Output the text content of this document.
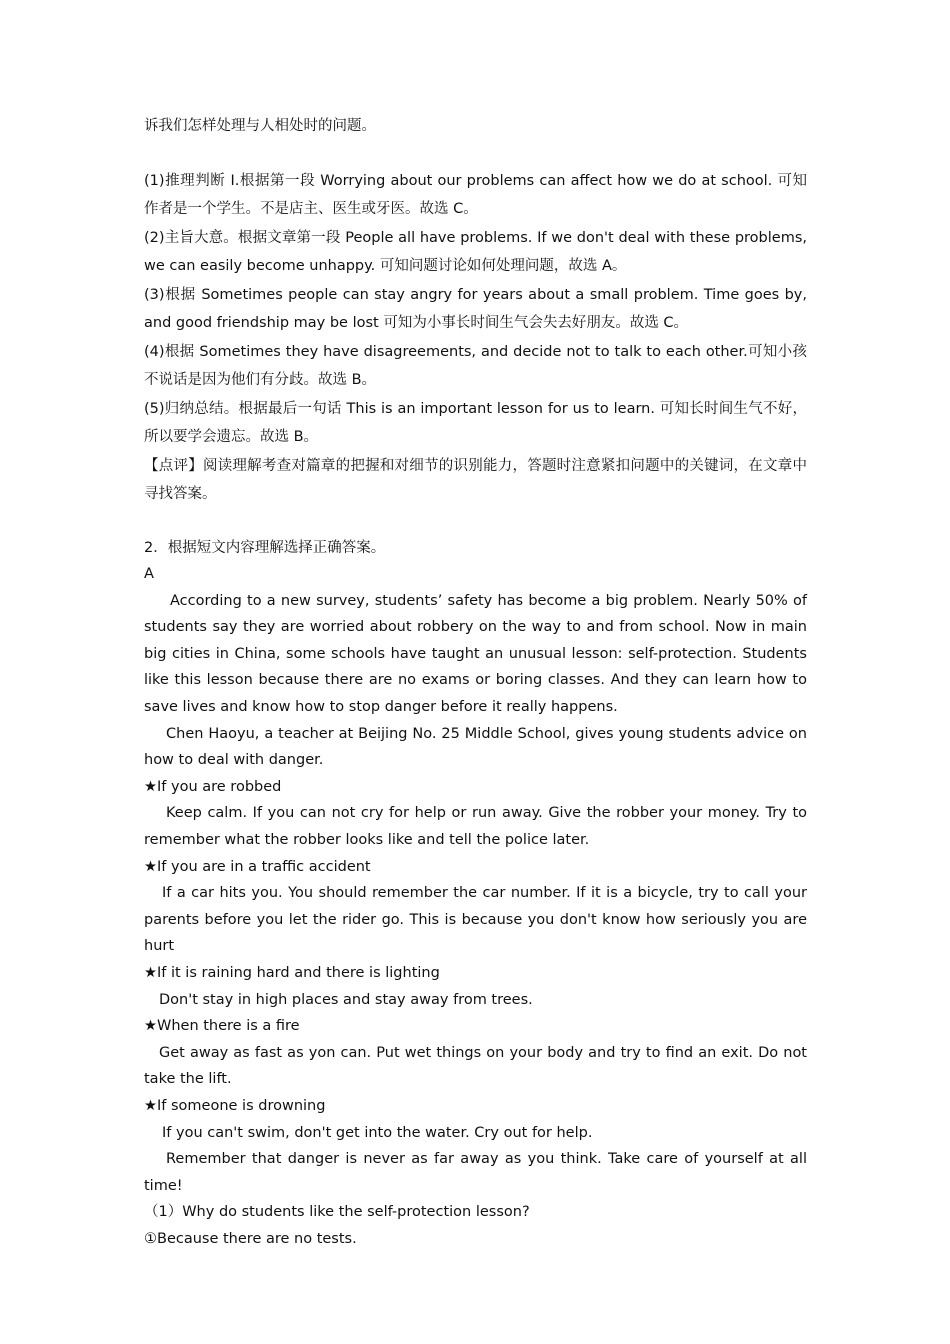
诉我们怎样处理与人相处时的问题。

(1)推理判断 I.根据第一段 Worrying about our problems can affect how we do at school. 可知作者是一个学生。不是店主、医生或牙医。故选 C。

(2)主旨大意。根据文章第一段 People all have problems. If we don't deal with these problems, we can easily become unhappy. 可知问题讨论如何处理问题，故选 A。

(3)根据 Sometimes people can stay angry for years about a small problem. Time goes by, and good friendship may be lost 可知为小事长时间生气会失去好朋友。故选 C。

(4)根据 Sometimes they have disagreements, and decide not to talk to each other.可知小孩不说话是因为他们有分歧。故选 B。

(5)归纳总结。根据最后一句话 This is an important lesson for us to learn. 可知长时间生气不好，所以要学会遗忘。故选 B。

【点评】阅读理解考查对篇章的把握和对细节的识别能力，答题时注意紧扣问题中的关键词，在文章中寻找答案。

2．根据短文内容理解选择正确答案。

A

According to a new survey, students’ safety has become a big problem. Nearly 50% of students say they are worried about robbery on the way to and from school. Now in main big cities in China, some schools have taught an unusual lesson: self-protection. Students like this lesson because there are no exams or boring classes. And they can learn how to save lives and know how to stop danger before it really happens.

Chen Haoyu, a teacher at Beijing No. 25 Middle School, gives young students advice on how to deal with danger.

★If you are robbed

Keep calm. If you can not cry for help or run away. Give the robber your money. Try to remember what the robber looks like and tell the police later.

★If you are in a traffic accident

If a car hits you. You should remember the car number. If it is a bicycle, try to call your parents before you let the rider go. This is because you don't know how seriously you are hurt

★If it is raining hard and there is lighting

Don't stay in high places and stay away from trees.

★When there is a fire

Get away as fast as yon can. Put wet things on your body and try to find an exit. Do not take the lift.

★If someone is drowning

If you can't swim, don't get into the water. Cry out for help.

Remember that danger is never as far away as you think. Take care of yourself at all time!

（1）Why do students like the self-protection lesson?

①Because there are no tests.
